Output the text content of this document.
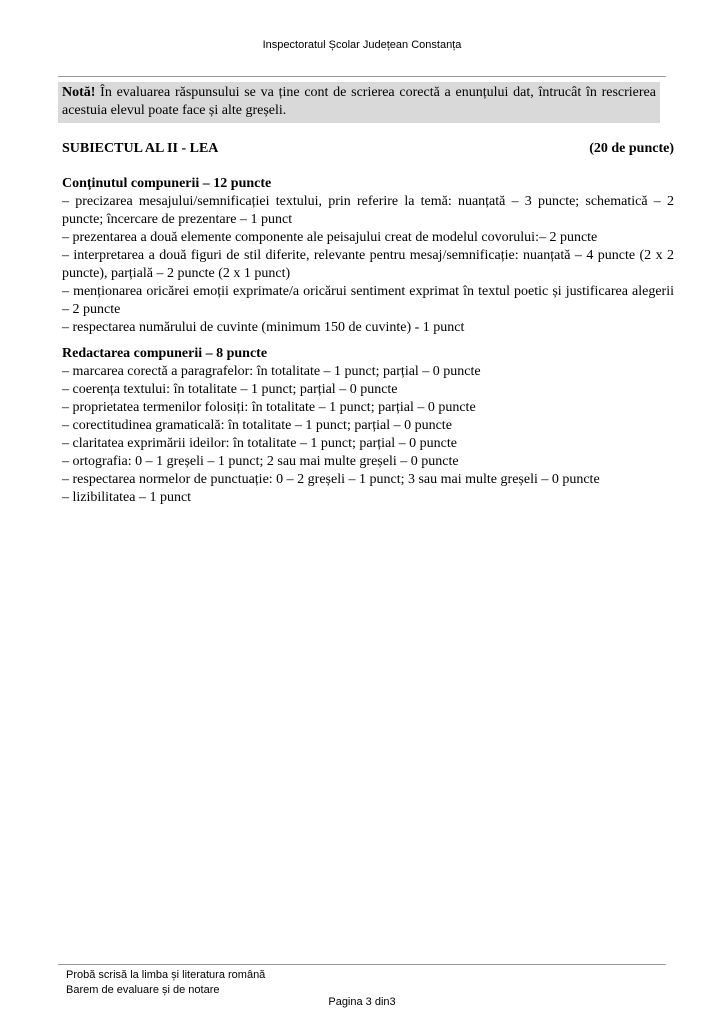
Inspectoratul Școlar Județean Constanța
Notă! În evaluarea răspunsului se va ține cont de scrierea corectă a enunțului dat, întrucât în rescrierea acestuia elevul poate face și alte greșeli.
SUBIECTUL AL II - LEA	(20 de puncte)
Conținutul compunerii – 12 puncte

– precizarea mesajului/semnificației textului, prin referire la temă: nuanțată – 3 puncte; schematică – 2 puncte; încercare de prezentare – 1 punct

– prezentarea a două elemente componente ale peisajului creat de modelul covorului:– 2 puncte

– interpretarea a două figuri de stil diferite, relevante pentru mesaj/semnificație: nuanțată – 4 puncte (2 x 2 puncte), parțială – 2 puncte (2 x 1 punct)

– menționarea oricărei emoții exprimate/a oricărui sentiment exprimat în textul poetic și justificarea alegerii – 2 puncte

– respectarea numărului de cuvinte (minimum 150 de cuvinte) - 1 punct

Redactarea compunerii – 8 puncte

– marcarea corectă a paragrafelor: în totalitate – 1 punct; parțial – 0 puncte

– coerența textului: în totalitate – 1 punct; parțial – 0 puncte

– proprietatea termenilor folosiți: în totalitate – 1 punct; parțial – 0 puncte

– corectitudinea gramaticală: în totalitate – 1 punct; parțial – 0 puncte

– claritatea exprimării ideilor: în totalitate – 1 punct; parțial – 0 puncte

– ortografia: 0 – 1 greșeli – 1 punct; 2 sau mai multe greșeli – 0 puncte

– respectarea normelor de punctuație: 0 – 2 greșeli – 1 punct; 3 sau mai multe greșeli – 0 puncte

– lizibilitatea – 1 punct

Probă scrisă la limba și literatura română
Barem de evaluare și de notare
Pagina 3 din3
